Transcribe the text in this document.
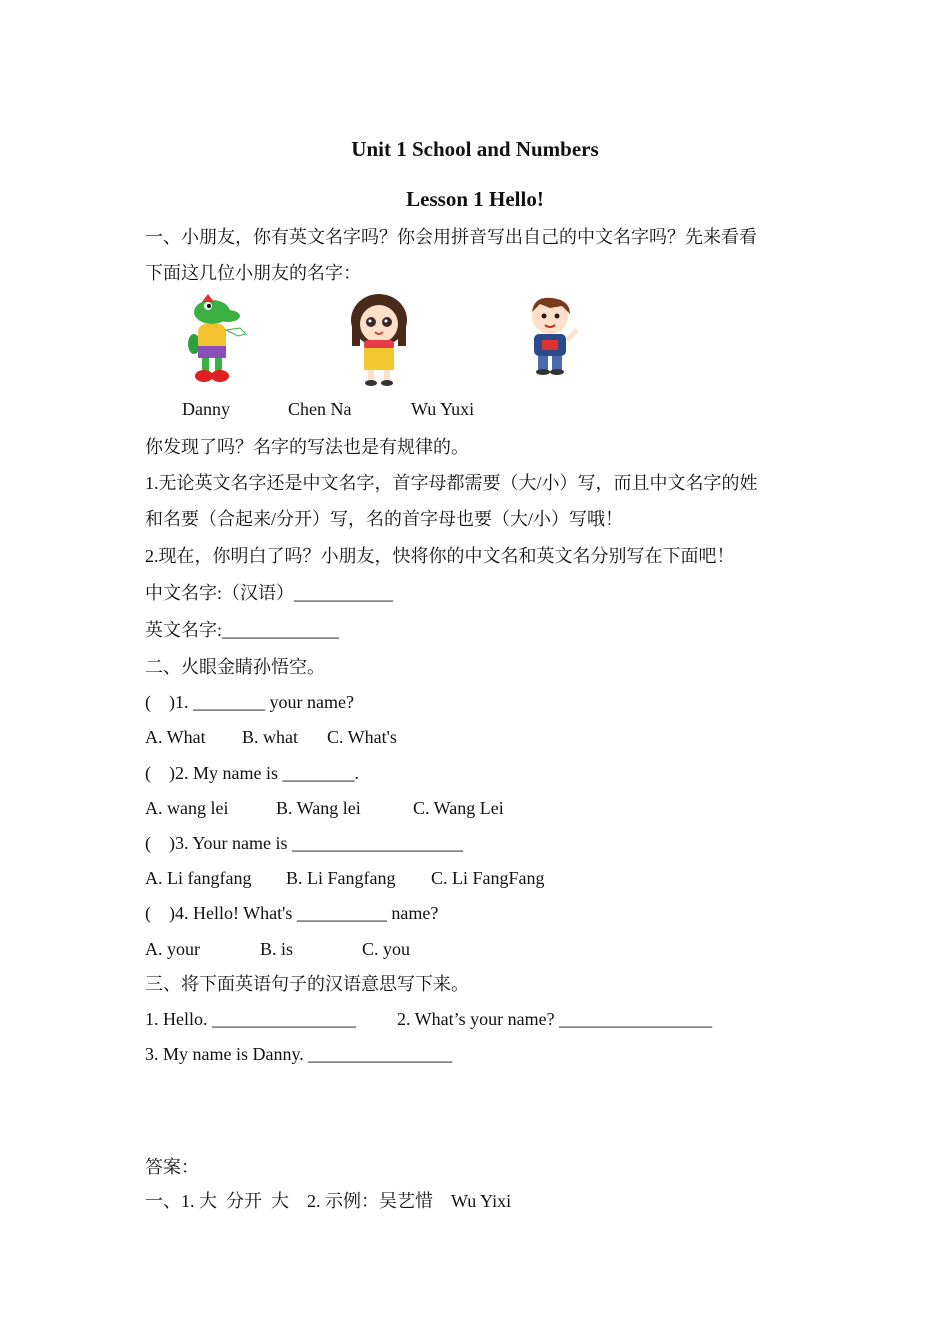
Unit 1 School and Numbers
Lesson 1 Hello!
一、小朋友，你有英文名字吗？你会用拼音写出自己的中文名字吗？先来看看
下面这几位小朋友的名字：
Danny	Chen Na	Wu Yuxi
你发现了吗？名字的写法也是有规律的。
1.无论英文名字还是中文名字，首字母都需要（大/小）写，而且中文名字的姓
和名要（合起来/分开）写，名的首字母也要（大/小）写哦！
2.现在，你明白了吗？小朋友，快将你的中文名和英文名分别写在下面吧！
中文名字:（汉语）___________
英文名字:_____________
二、火眼金睛孙悟空。
(    )1. ________ your name?
A. What B. what C. What's
(    )2. My name is ________.
A. wang lei	B. Wang lei	C. Wang Lei
(    )3. Your name is ___________________
A. Li fangfang B. Li Fangfang C. Li FangFang
(    )4. Hello! What's __________ name?
A. your	B. is	C. you
三、将下面英语句子的汉语意思写下来。
1. Hello. ________________ 2. What’s your name? _________________
3. My name is Danny. ________________
答案：
一、1. 大  分开  大    2. 示例：吴艺惜    Wu Yixi
